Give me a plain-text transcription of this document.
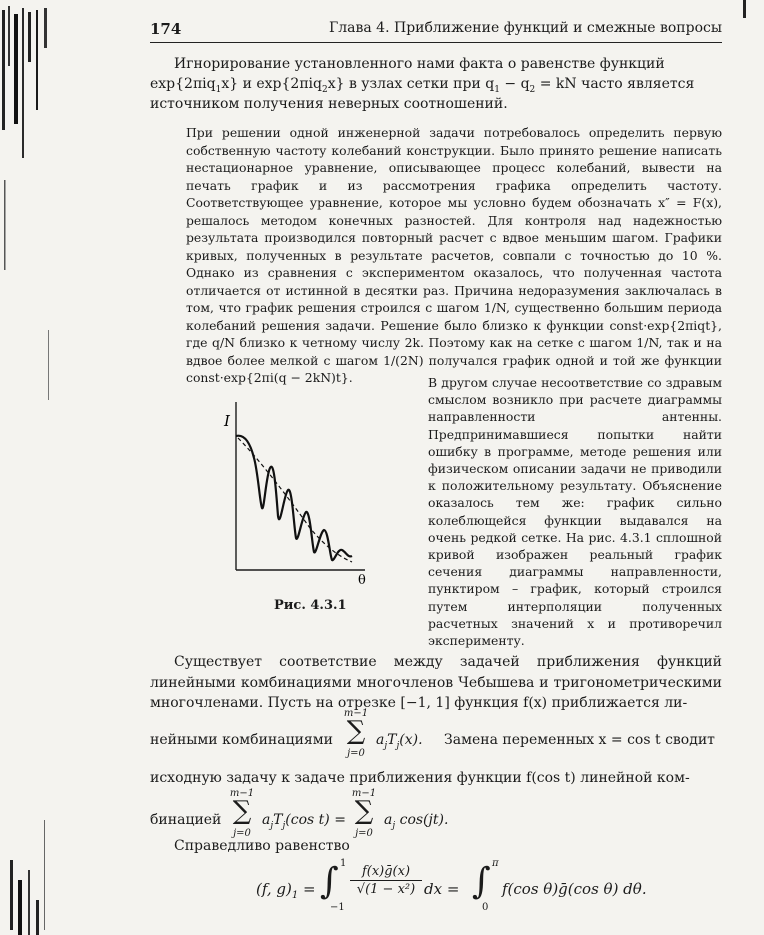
174	Глава 4. Приближение функций и смежные вопросы
Игнорирование установленного нами факта о равенстве функций
exp{2πiq$_1$x} и exp{2πiq$_2$x} в узлах сетки при $q_1 - q_2$ = kN часто является
источником получения неверных соотношений.

При решении одной инженерной задачи потребовалось определить первую собственную частоту колебаний конструкции. Было принято решение написать нестационарное уравнение, описывающее процесс колебаний, вывести на печать график и из рассмотрения графика определить частоту. Соответствующее уравнение, которое мы условно будем обозначать x″ = F(x), решалось методом конечных разностей. Для контроля над надежностью результата производился повторный расчет с вдвое меньшим шагом. Графики кривых, полученных в результате расчетов, совпали с точностью до 10 %. Однако из сравнения с экспериментом оказалось, что полученная частота отличается от истинной в десятки раз. Причина недоразумения заключалась в том, что график решения строился с шагом 1/N, существенно большим периода колебаний решения задачи. Решение было близко к функции const·exp{2πiqt}, где q/N близко к четному числу 2k. Поэтому как на сетке с шагом 1/N, так и на вдвое более мелкой с шагом 1/(2N) получался график одной и той же функции const·exp{2πi(q − 2kN)t}.

I
θ
Рис. 4.3.1

В другом случае несоответствие со здравым смыслом возникло при расчете диаграммы направленности антенны. Предпринимавшиеся попытки найти ошибку в программе, методе решения или физическом описании задачи не приводили к положительному результату. Объяснение оказалось тем же: график сильно колеблющейся функции выдавался на очень редкой сетке. На рис. 4.3.1 сплошной кривой изображен реальный график сечения диаграммы направленности, пунктиром – график, который строился путем интерполяции полученных расчетных значений x и противоречил эксперименту.

Существует соответствие между задачей приближения функций линейными комбинациями многочленов Чебышева и тригонометрическими многочленами. Пусть на отрезке [−1, 1] функция f(x) приближается ли-

нейными комбинациями
m−1
∑
j=0
$a_jT_j(x)$. Замена переменных x = cos t сводит
исходную задачу к задаче приближения функции f(cos t) линейной ком-
бинацией
m−1
∑
j=0
$a_jT_j(\cos$ t) =
m−1
∑
j=0
$a_j$ cos(jt).
Справедливо равенство
(f, $g)_1$ = ∫ 1
−1
f(x)ḡ(x)
√(1 − x²) dx = ∫ π
0
f(cos θ)ḡ(cos θ) dθ.
